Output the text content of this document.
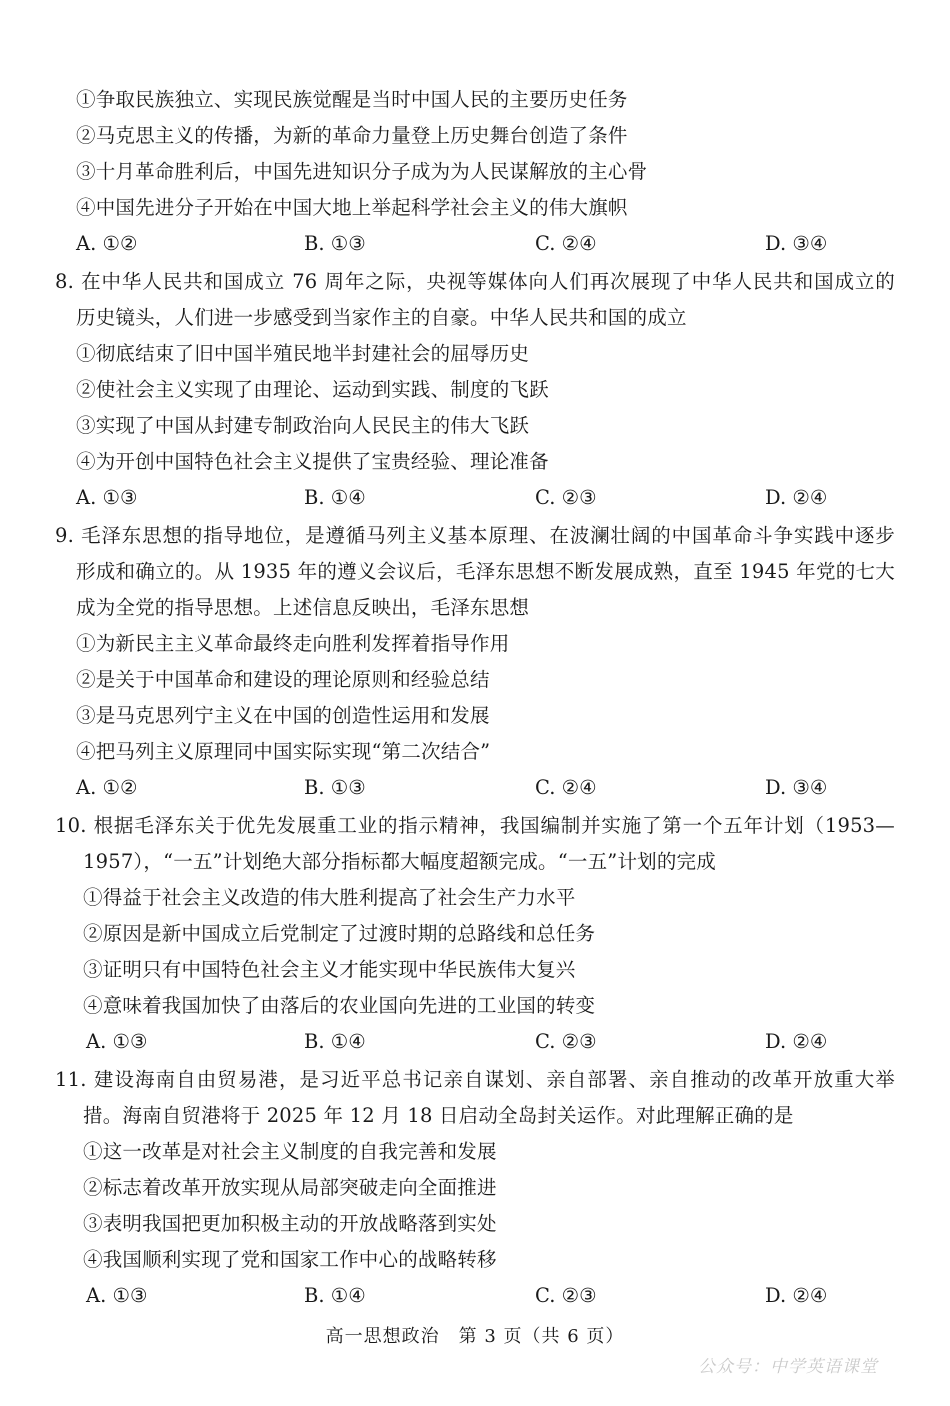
①争取民族独立、实现民族觉醒是当时中国人民的主要历史任务
②马克思主义的传播，为新的革命力量登上历史舞台创造了条件
③十月革命胜利后，中国先进知识分子成为为人民谋解放的主心骨
④中国先进分子开始在中国大地上举起科学社会主义的伟大旗帜
A. ①②	B. ①③	C. ②④	D. ③④
8. 在中华人民共和国成立 76 周年之际，央视等媒体向人们再次展现了中华人民共和国成立的
历史镜头，人们进一步感受到当家作主的自豪。中华人民共和国的成立
①彻底结束了旧中国半殖民地半封建社会的屈辱历史
②使社会主义实现了由理论、运动到实践、制度的飞跃
③实现了中国从封建专制政治向人民民主的伟大飞跃
④为开创中国特色社会主义提供了宝贵经验、理论准备
A. ①③	B. ①④	C. ②③	D. ②④
9. 毛泽东思想的指导地位，是遵循马列主义基本原理、在波澜壮阔的中国革命斗争实践中逐步
形成和确立的。从 1935 年的遵义会议后，毛泽东思想不断发展成熟，直至 1945 年党的七大
成为全党的指导思想。上述信息反映出，毛泽东思想
①为新民主主义革命最终走向胜利发挥着指导作用
②是关于中国革命和建设的理论原则和经验总结
③是马克思列宁主义在中国的创造性运用和发展
④把马列主义原理同中国实际实现“第二次结合”
A. ①②	B. ①③	C. ②④	D. ③④
10. 根据毛泽东关于优先发展重工业的指示精神，我国编制并实施了第一个五年计划（1953—
1957），“一五”计划绝大部分指标都大幅度超额完成。“一五”计划的完成
①得益于社会主义改造的伟大胜利提高了社会生产力水平
②原因是新中国成立后党制定了过渡时期的总路线和总任务
③证明只有中国特色社会主义才能实现中华民族伟大复兴
④意味着我国加快了由落后的农业国向先进的工业国的转变
A. ①③	B. ①④	C. ②③	D. ②④
11. 建设海南自由贸易港，是习近平总书记亲自谋划、亲自部署、亲自推动的改革开放重大举
措。海南自贸港将于 2025 年 12 月 18 日启动全岛封关运作。对此理解正确的是
①这一改革是对社会主义制度的自我完善和发展
②标志着改革开放实现从局部突破走向全面推进
③表明我国把更加积极主动的开放战略落到实处
④我国顺利实现了党和国家工作中心的战略转移
A. ①③	B. ①④	C. ②③	D. ②④
高一思想政治　第 3 页（共 6 页）
公众号：中学英语课堂
